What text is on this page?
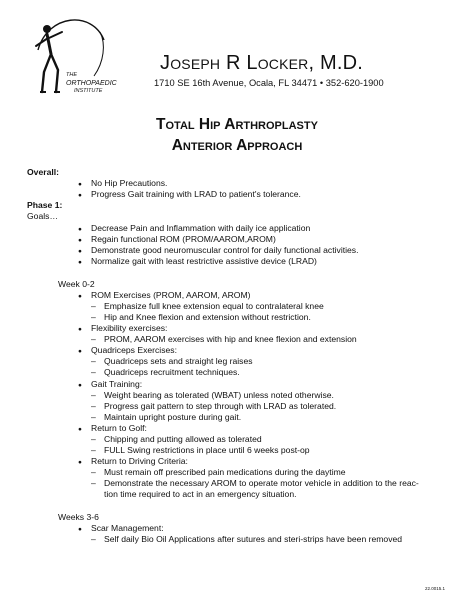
THE
ORTHOPAEDIC
INSTITUTE
Joseph R Locker, M.D.
1710 SE 16th Avenue, Ocala, FL 34471 • 352-620-1900
Total Hip Arthroplasty
Anterior Approach
Overall:
● No Hip Precautions.
● Progress Gait training with LRAD to patient's tolerance.
Phase 1:
Goals…
● Decrease Pain and Inflammation with daily ice application
● Regain functional ROM (PROM/AAROM,AROM)
● Demonstrate good neuromuscular control for daily functional activities.
● Normalize gait with least restrictive assistive device (LRAD)
Week 0-2
● ROM Exercises (PROM, AAROM, AROM)
– Emphasize full knee extension equal to contralateral knee
– Hip and Knee flexion and extension without restriction.
● Flexibility exercises:
– PROM, AAROM exercises with hip and knee flexion and extension
● Quadriceps Exercises:
– Quadriceps sets and straight leg raises
– Quadriceps recruitment techniques.
● Gait Training:
– Weight bearing as tolerated (WBAT) unless noted otherwise.
– Progress gait pattern to step through with LRAD as tolerated.
– Maintain upright posture during gait.
● Return to Golf:
– Chipping and putting allowed as tolerated
– FULL Swing restrictions in place until 6 weeks post-op
● Return to Driving Criteria:
– Must remain off prescribed pain medications during the daytime
– Demonstrate the necessary AROM to operate motor vehicle in addition to the reac-
tion time required to act in an emergency situation.
Weeks 3-6
● Scar Management:
– Self daily Bio Oil Applications after sutures and steri-strips have been removed
22.0015.1
